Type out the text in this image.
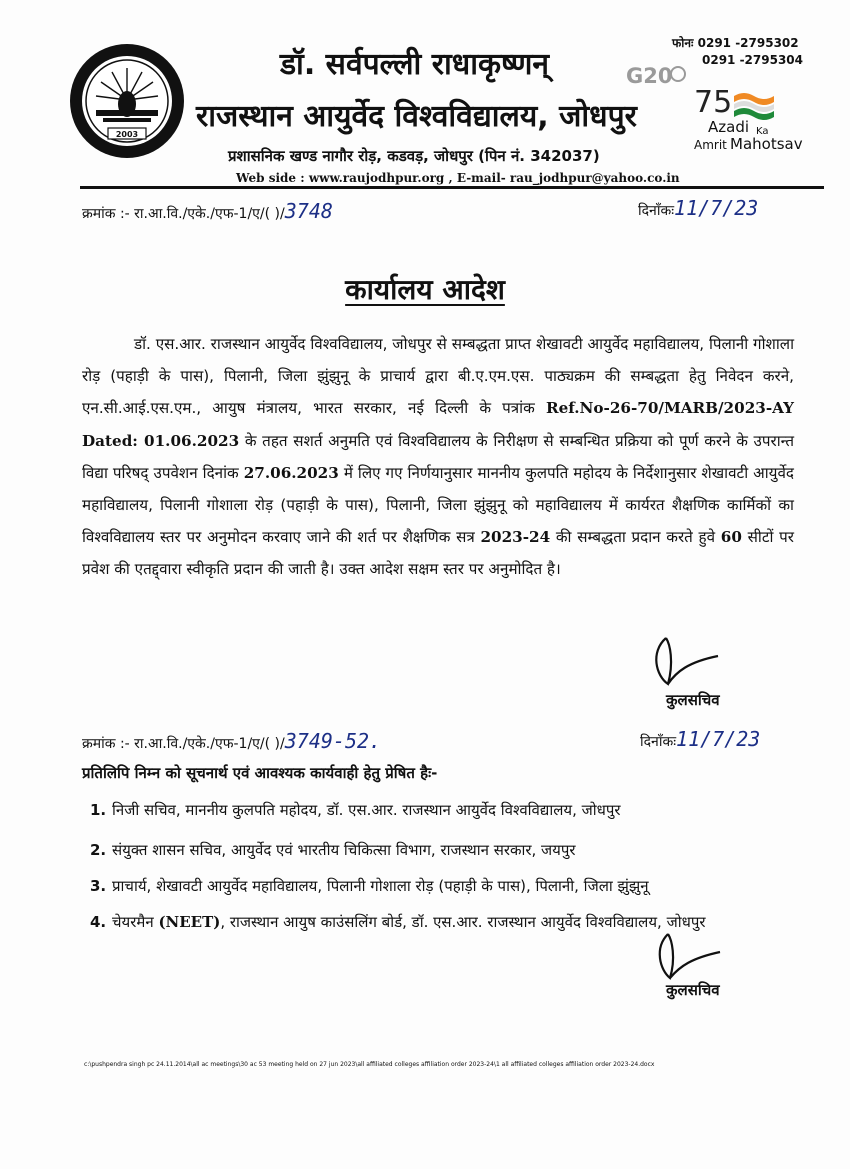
2003
डॉ. सर्वपल्ली राधाकृष्णन्
राजस्थान आयुर्वेद विश्वविद्यालय, जोधपुर
प्रशासनिक खण्ड नागौर रोड़, कडवड़, जोधपुर (पिन नं. 342037)
Web side : www.raujodhpur.org , E-mail- rau_jodhpur@yahoo.co.in
फोनः 0291 -2795302
0291 -2795304
G20
75
Azadi Ka
Amrit Mahotsav
क्रमांक :- रा.आ.वि./एके./एफ-1/ए/( )/3748	दिनाँकः11/7/23
कार्यालय आदेश
डॉ. एस.आर. राजस्थान आयुर्वेद विश्वविद्यालय, जोधपुर से सम्बद्धता प्राप्त शेखावटी आयुर्वेद महाविद्यालय, पिलानी गोशाला रोड़ (पहाड़ी के पास), पिलानी, जिला झुंझुनू के प्राचार्य द्वारा बी.ए.एम.एस. पाठ्यक्रम की सम्बद्धता हेतु निवेदन करने, एन.सी.आई.एस.एम., आयुष मंत्रालय, भारत सरकार, नई दिल्ली के पत्रांक Ref.No-26-70/MARB/2023-AY Dated: 01.06.2023 के तहत सशर्त अनुमति एवं विश्वविद्यालय के निरीक्षण से सम्बन्धित प्रक्रिया को पूर्ण करने के उपरान्त विद्या परिषद् उपवेशन दिनांक 27.06.2023 में लिए गए निर्णयानुसार माननीय कुलपति महोदय के निर्देशानुसार शेखावटी आयुर्वेद महाविद्यालय, पिलानी गोशाला रोड़ (पहाड़ी के पास), पिलानी, जिला झुंझुनू को महाविद्यालय में कार्यरत शैक्षणिक कार्मिकों का विश्वविद्यालय स्तर पर अनुमोदन करवाए जाने की शर्त पर शैक्षणिक सत्र 2023-24 की सम्बद्धता प्रदान करते हुवे 60 सीटों पर प्रवेश की एतद्द्वारा स्वीकृति प्रदान की जाती है। उक्त आदेश सक्षम स्तर पर अनुमोदित है।
कुलसचिव
क्रमांक :- रा.आ.वि./एके./एफ-1/ए/( )/3749-52.	दिनाँकः11/7/23
प्रतिलिपि निम्न को सूचनार्थ एवं आवश्यक कार्यवाही हेतु प्रेषित हैः-
1. निजी सचिव, माननीय कुलपति महोदय, डॉ. एस.आर. राजस्थान आयुर्वेद विश्वविद्यालय, जोधपुर
2. संयुक्त शासन सचिव, आयुर्वेद एवं भारतीय चिकित्सा विभाग, राजस्थान सरकार, जयपुर
3. प्राचार्य, शेखावटी आयुर्वेद महाविद्यालय, पिलानी गोशाला रोड़ (पहाड़ी के पास), पिलानी, जिला झुंझुनू
4. चेयरमैन (NEET), राजस्थान आयुष काउंसलिंग बोर्ड, डॉ. एस.आर. राजस्थान आयुर्वेद विश्वविद्यालय, जोधपुर
कुलसचिव
c:\pushpendra singh pc 24.11.2014\all ac meetings\30 ac 53 meeting held on 27 jun 2023\all affiliated colleges affiliation order 2023-24\1 all affiliated colleges affiliation order 2023-24.docx
